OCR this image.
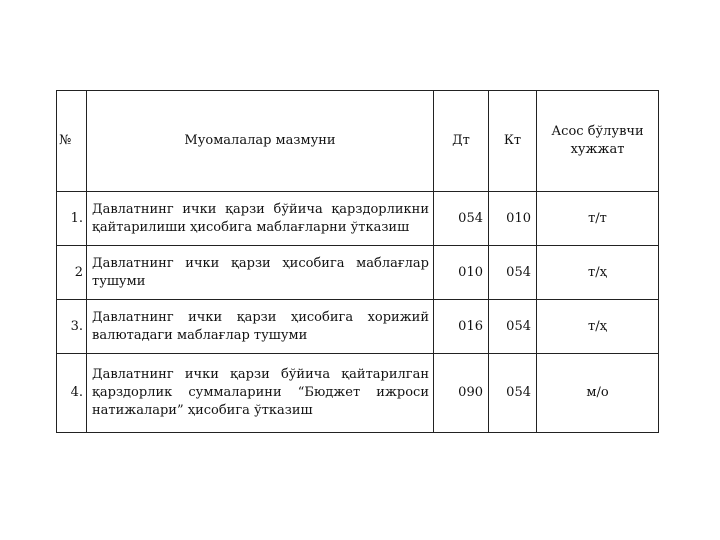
№	Муомалалар мазмуни	Дт	Кт	Асос бўлувчи хужжат
1.	Давлатнинг ички қарзи бўйича қарздорликни қайтарилиши ҳисобига маблағларни ўтказиш	054	010	т/т
2	Давлатнинг ички қарзи ҳисобига маблағлар тушуми	010	054	т/ҳ
3.	Давлатнинг ички қарзи ҳисобига хорижий валютадаги маблағлар тушуми	016	054	т/ҳ
4.	Давлатнинг ички қарзи бўйича қайтарилган қарздорлик суммаларини “Бюджет ижроси натижалари” ҳисобига ўтказиш	090	054	м/о
